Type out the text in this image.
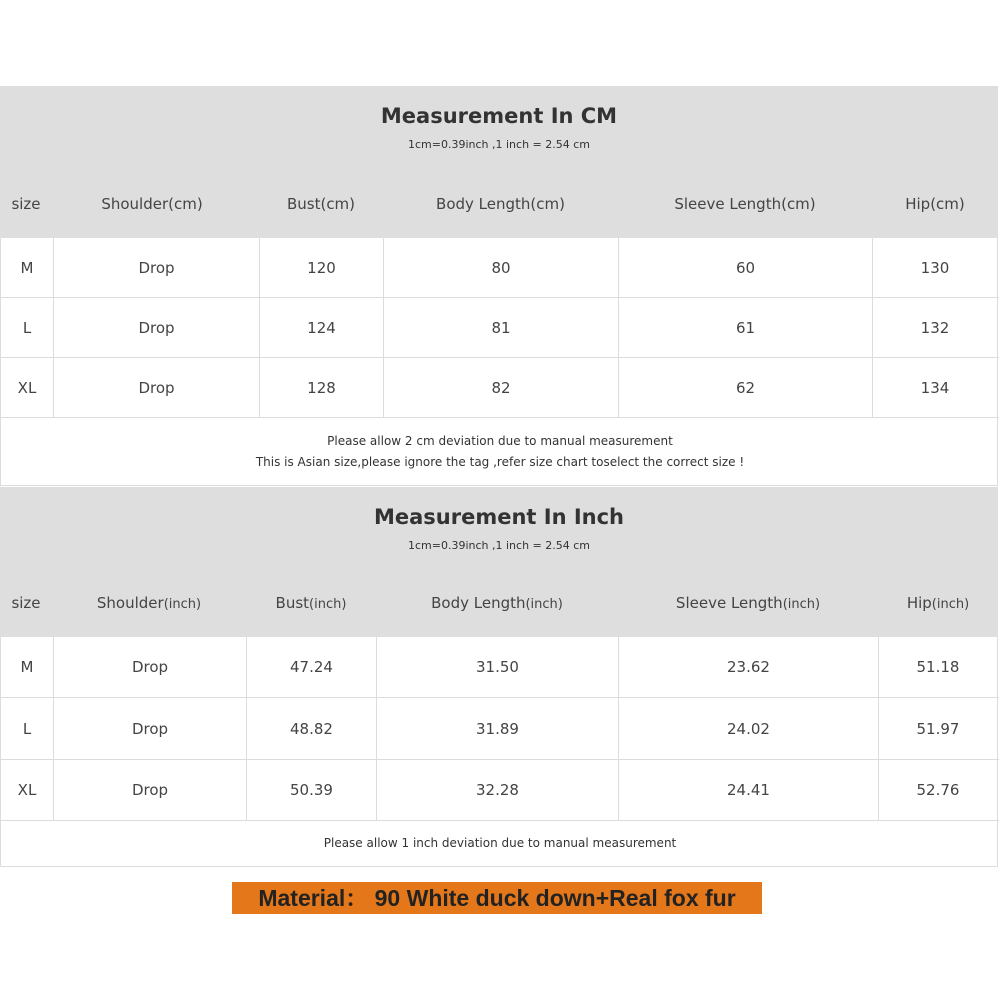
Measurement In CM
1cm=0.39inch ,1 inch = 2.54 cm
size	Shoulder(cm)	Bust(cm)	Body Length(cm)	Sleeve Length(cm)	Hip(cm)
M	Drop	120	80	60	130
L	Drop	124	81	61	132
XL	Drop	128	82	62	134
Please allow 2 cm deviation due to manual measurement
This is Asian size,please ignore the tag ,refer size chart toselect the correct size !
Measurement In Inch
1cm=0.39inch ,1 inch = 2.54 cm
size	Shoulder(inch)	Bust(inch)	Body Length(inch)	Sleeve Length(inch)	Hip(inch)
M	Drop	47.24	31.50	23.62	51.18
L	Drop	48.82	31.89	24.02	51.97
XL	Drop	50.39	32.28	24.41	52.76
Please allow 1 inch deviation due to manual measurement
Material： 90 White duck down+Real fox fur
